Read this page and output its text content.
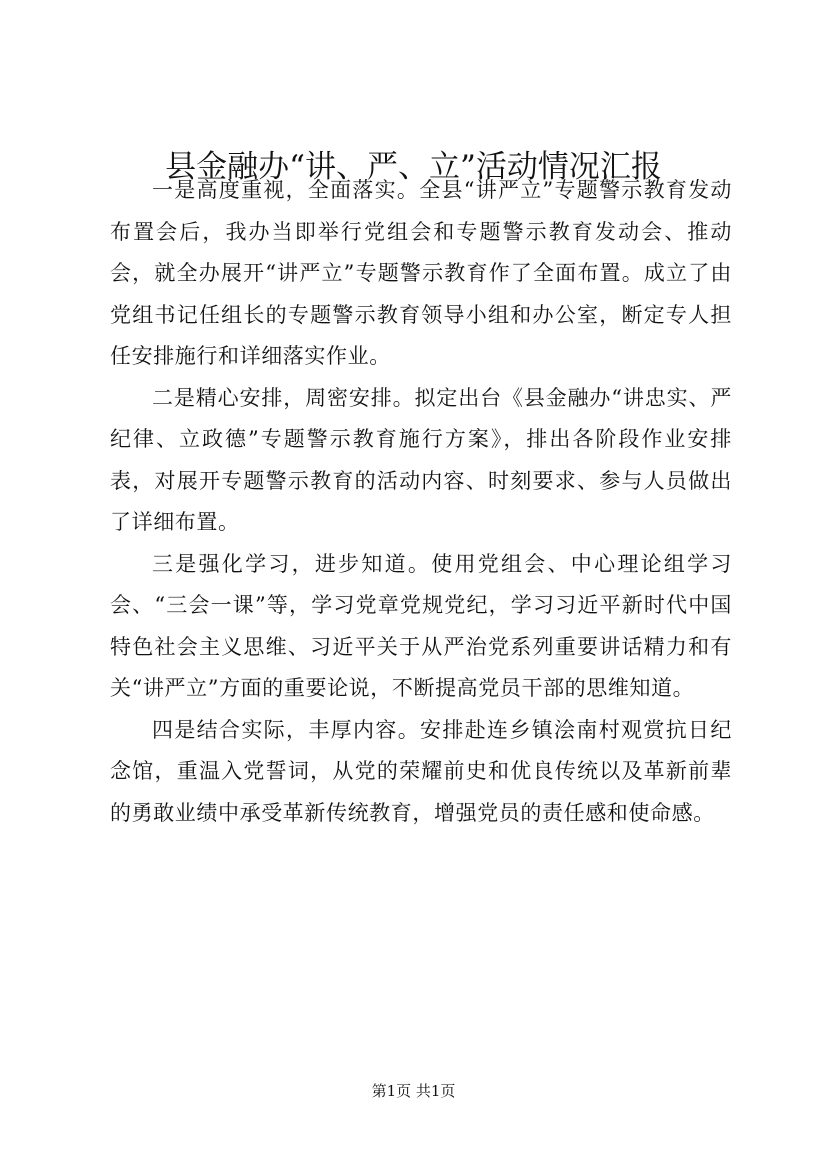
县金融办“讲、严、立”活动情况汇报

一是高度重视，全面落实。全县“讲严立”专题警示教育发动布置会后，我办当即举行党组会和专题警示教育发动会、推动会，就全办展开“讲严立”专题警示教育作了全面布置。成立了由党组书记任组长的专题警示教育领导小组和办公室，断定专人担任安排施行和详细落实作业。

二是精心安排，周密安排。拟定出台《县金融办“讲忠实、严纪律、立政德”专题警示教育施行方案》，排出各阶段作业安排表，对展开专题警示教育的活动内容、时刻要求、参与人员做出了详细布置。

三是强化学习，进步知道。使用党组会、中心理论组学习会、“三会一课”等，学习党章党规党纪，学习习近平新时代中国特色社会主义思维、习近平关于从严治党系列重要讲话精力和有关“讲严立”方面的重要论说，不断提高党员干部的思维知道。

四是结合实际，丰厚内容。安排赴连乡镇浍南村观赏抗日纪念馆，重温入党誓词，从党的荣耀前史和优良传统以及革新前辈的勇敢业绩中承受革新传统教育，增强党员的责任感和使命感。

第1页 共1页
